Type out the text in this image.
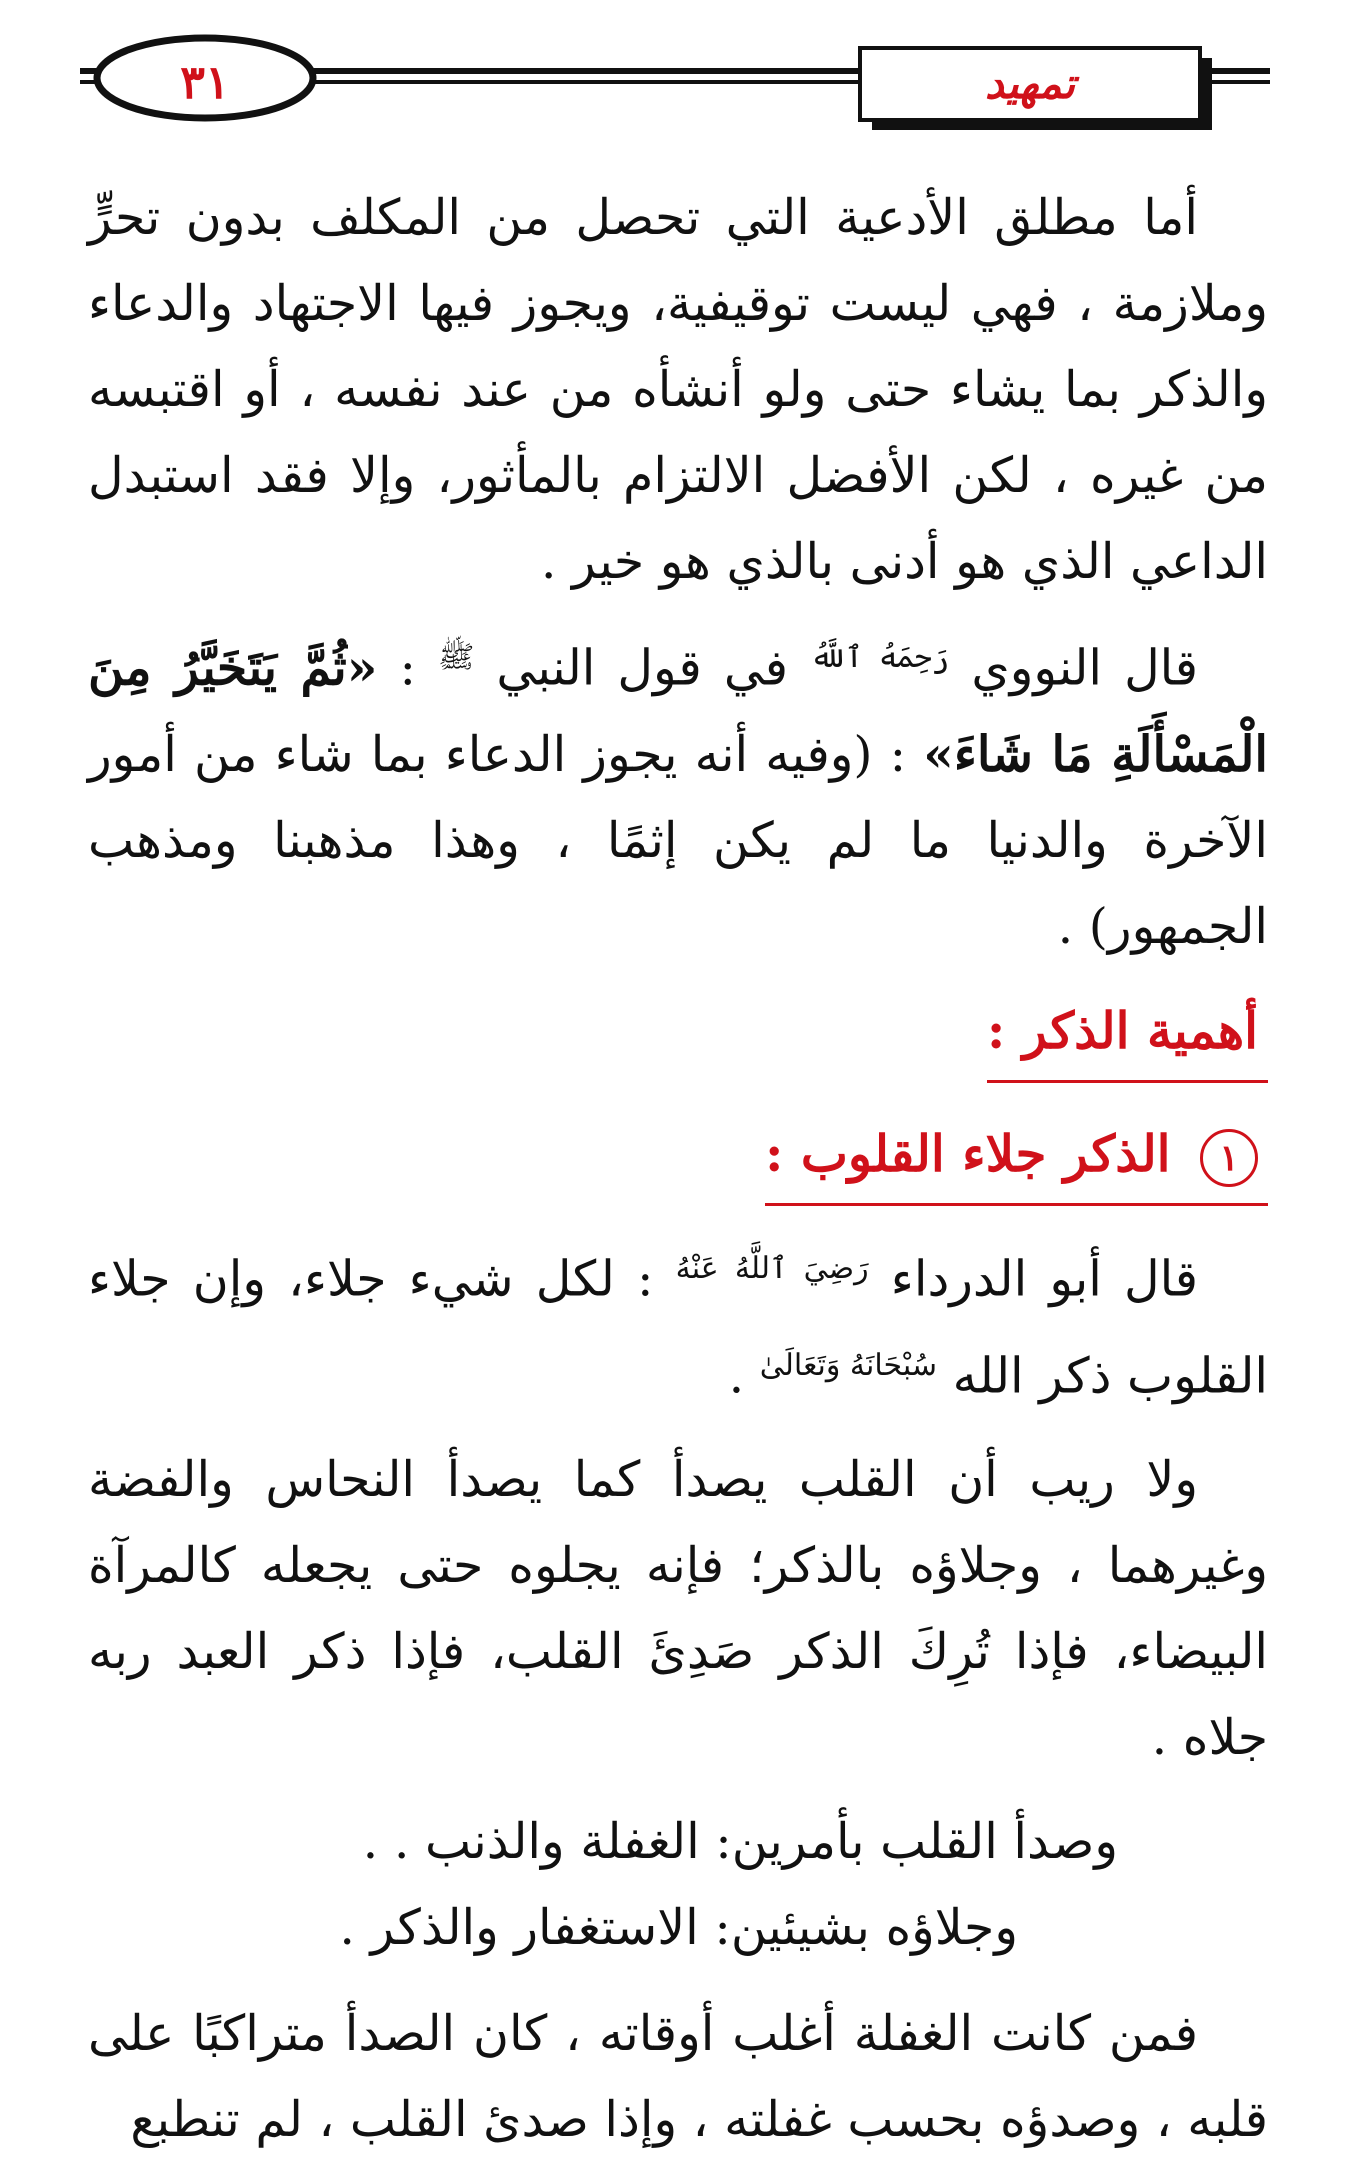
٣١	تمهيد

أما مطلق الأدعية التي تحصل من المكلف بدون تحرٍّ وملازمة ، فهي ليست توقيفية، ويجوز فيها الاجتهاد والدعاء والذكر بما يشاء حتى ولو أنشأه من عند نفسه ، أو اقتبسه من غيره ، لكن الأفضل الالتزام بالمأثور، وإلا فقد استبدل الداعي الذي هو أدنى بالذي هو خير .

قال النووي $^{رَحِمَهُ ٱللَّهُ}$ في قول النبي $^ﷺ$ : «ثُمَّ يَتَخَيَّرُ مِنَ الْمَسْأَلَةِ مَا شَاءَ» : (وفيه أنه يجوز الدعاء بما شاء من أمور الآخرة والدنيا ما لم يكن إثمًا ، وهذا مذهبنا ومذهب الجمهور) .

أهمية الذكر :
١ الذكر جلاء القلوب :

قال أبو الدرداء $^{رَضِيَ ٱللَّهُ عَنْهُ}$ : لكل شيء جلاء، وإن جلاء القلوب ذكر الله $^{سُبْحَانَهُ وَتَعَالَىٰ}$ .

ولا ريب أن القلب يصدأ كما يصدأ النحاس والفضة وغيرهما ، وجلاؤه بالذكر؛ فإنه يجلوه حتى يجعله كالمرآة البيضاء، فإذا تُرِكَ الذكر صَدِئَ القلب، فإذا ذكر العبد ربه جلاه .

وصدأ القلب بأمرين: الغفلة والذنب . .

وجلاؤه بشيئين: الاستغفار والذكر .

فمن كانت الغفلة أغلب أوقاته ، كان الصدأ متراكبًا على قلبه ، وصدؤه بحسب غفلته ، وإذا صدئ القلب ، لم تنطبع
